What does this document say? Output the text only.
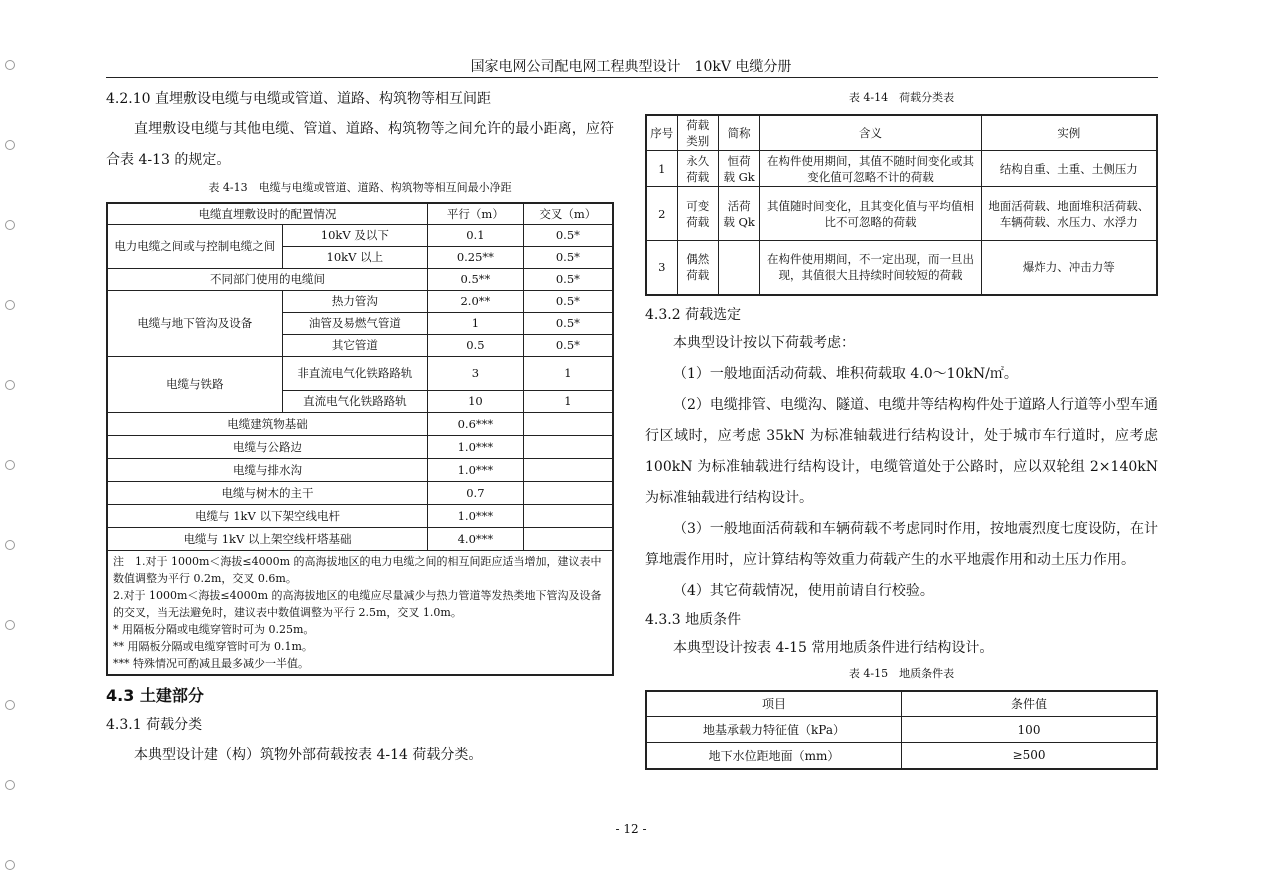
国家电网公司配电网工程典型设计　10kV 电缆分册
4.2.10 直埋敷设电缆与电缆或管道、道路、构筑物等相互间距

直埋敷设电缆与其他电缆、管道、道路、构筑物等之间允许的最小距离，应符合表 4-13 的规定。

表 4-13　电缆与电缆或管道、道路、构筑物等相互间最小净距
电缆直埋敷设时的配置情况		平行（m）	交叉（m）
电力电缆之间或与控制电缆之间	10kV 及以下	0.1	0.5*
	10kV 以上	0.25**	0.5*
不同部门使用的电缆间		0.5**	0.5*
电缆与地下管沟及设备	热力管沟	2.0**	0.5*
	油管及易燃气管道	1	0.5*
	其它管道	0.5	0.5*
电缆与铁路	非直流电气化铁路路轨	3	1
	直流电气化铁路路轨	10	1
电缆建筑物基础		0.6***	
电缆与公路边		1.0***	
电缆与排水沟		1.0***	
电缆与树木的主干		0.7	
电缆与 1kV 以下架空线电杆		1.0***	
电缆与 1kV 以上架空线杆塔基础		4.0***	

注　1.对于 1000m＜海拔≤4000m 的高海拔地区的电力电缆之间的相互间距应适当增加，建议表中数值调整为平行 0.2m，交叉 0.6m。
2.对于 1000m＜海拔≤4000m 的高海拔地区的电缆应尽量减少与热力管道等发热类地下管沟及设备的交叉，当无法避免时，建议表中数值调整为平行 2.5m，交叉 1.0m。
* 用隔板分隔或电缆穿管时可为 0.25m。
** 用隔板分隔或电缆穿管时可为 0.1m。
*** 特殊情况可酌减且最多减少一半值。			
4.3 土建部分
4.3.1 荷载分类

本典型设计建（构）筑物外部荷载按表 4-14 荷载分类。

表 4-14　荷载分类表
序号	荷载类别	简称	含义	实例
1	永久荷载	恒荷载 Gk	在构件使用期间，其值不随时间变化或其变化值可忽略不计的荷载	结构自重、土重、土侧压力
2	可变荷载	活荷载 Qk	其值随时间变化，且其变化值与平均值相比不可忽略的荷载	地面活荷载、地面堆积活荷载、车辆荷载、水压力、水浮力
3	偶然荷载		在构件使用期间，不一定出现，而一旦出现，其值很大且持续时间较短的荷载	爆炸力、冲击力等
4.3.2 荷载选定

本典型设计按以下荷载考虑：

（1）一般地面活动荷载、堆积荷载取 4.0～10kN/㎡。

（2）电缆排管、电缆沟、隧道、电缆井等结构构件处于道路人行道等小型车通行区域时，应考虑 35kN 为标准轴载进行结构设计，处于城市车行道时，应考虑 100kN 为标准轴载进行结构设计，电缆管道处于公路时，应以双轮组 2×140kN 为标准轴载进行结构设计。

（3）一般地面活荷载和车辆荷载不考虑同时作用，按地震烈度七度设防，在计算地震作用时，应计算结构等效重力荷载产生的水平地震作用和动土压力作用。

（4）其它荷载情况，使用前请自行校验。

4.3.3 地质条件

本典型设计按表 4-15 常用地质条件进行结构设计。

表 4-15　地质条件表
项目	条件值
地基承载力特征值（kPa）	100
地下水位距地面（mm）	≥500
- 12 -
